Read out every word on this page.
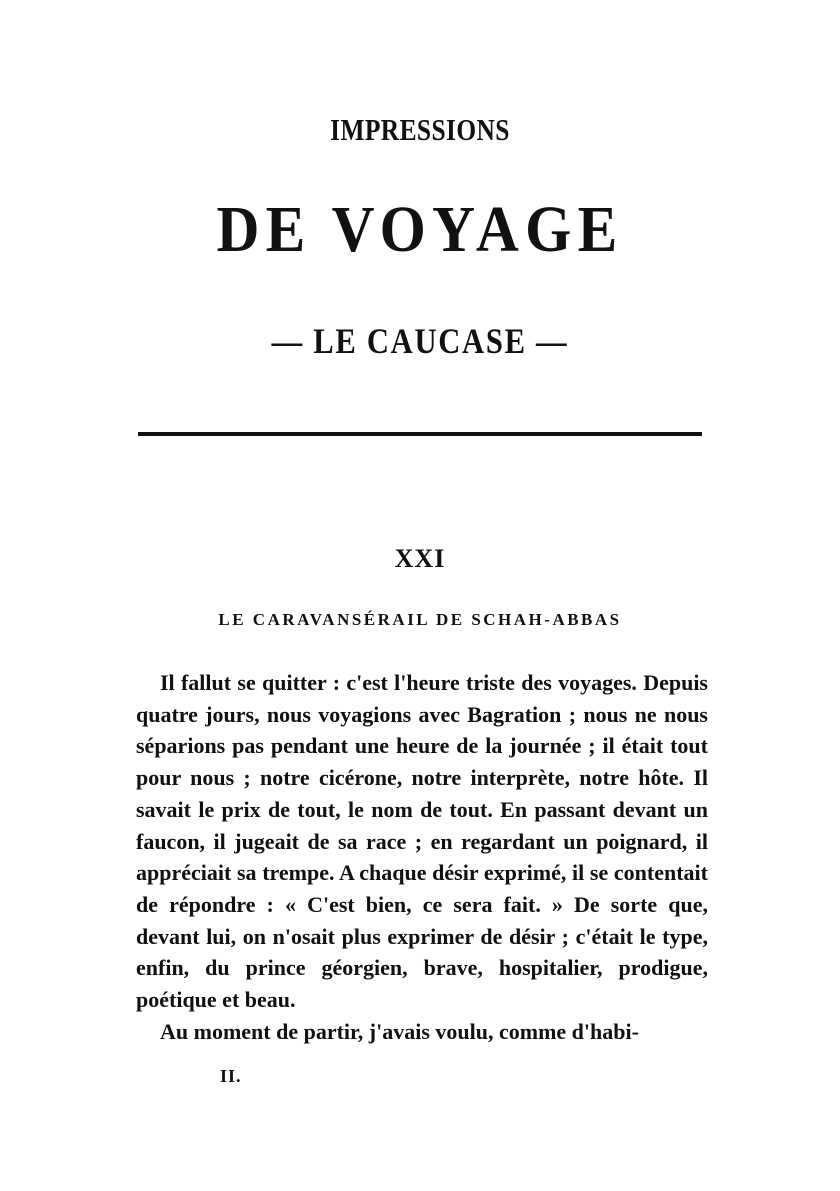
IMPRESSIONS
DE VOYAGE
— LE CAUCASE —
XXI
LE CARAVANSÉRAIL DE SCHAH-ABBAS

Il fallut se quitter : c'est l'heure triste des voyages. Depuis quatre jours, nous voyagions avec Bagration ; nous ne nous séparions pas pendant une heure de la journée ; il était tout pour nous ; notre cicérone, notre interprète, notre hôte. Il savait le prix de tout, le nom de tout. En passant devant un faucon, il jugeait de sa race ; en regardant un poignard, il appréciait sa trempe. A chaque désir exprimé, il se contentait de répondre : « C'est bien, ce sera fait. » De sorte que, devant lui, on n'osait plus exprimer de désir ; c'était le type, enfin, du prince géorgien, brave, hospitalier, prodigue, poétique et beau.

Au moment de partir, j'avais voulu, comme d'habi-

II.
